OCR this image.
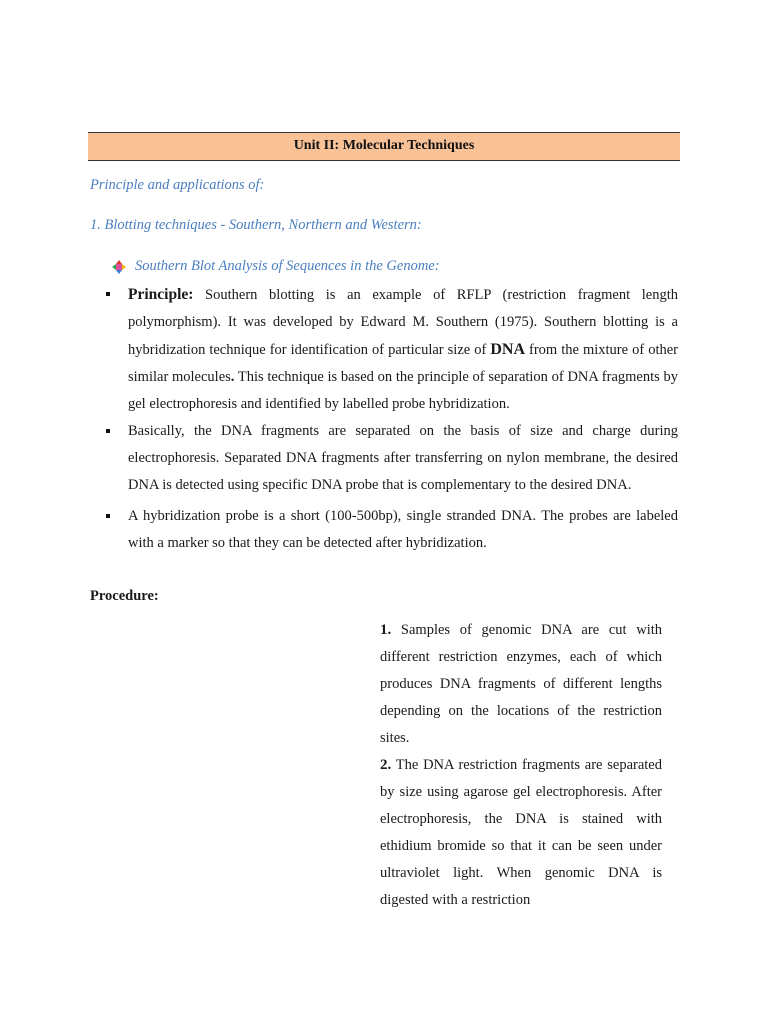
Unit II: Molecular Techniques
Principle and applications of:
1. Blotting techniques - Southern, Northern and Western:
Southern Blot Analysis of Sequences in the Genome:
Principle: Southern blotting is an example of RFLP (restriction fragment length polymorphism). It was developed by Edward M. Southern (1975). Southern blotting is a hybridization technique for identification of particular size of DNA from the mixture of other similar molecules. This technique is based on the principle of separation of DNA fragments by gel electrophoresis and identified by labelled probe hybridization.
Basically, the DNA fragments are separated on the basis of size and charge during electrophoresis. Separated DNA fragments after transferring on nylon membrane, the desired DNA is detected using specific DNA probe that is complementary to the desired DNA.
A hybridization probe is a short (100-500bp), single stranded DNA. The probes are labeled with a marker so that they can be detected after hybridization.
Procedure:

1. Samples of genomic DNA are cut with different restriction enzymes, each of which produces DNA fragments of different lengths depending on the locations of the restriction sites.

2. The DNA restriction fragments are separated by size using agarose gel electrophoresis. After electrophoresis, the DNA is stained with ethidium bromide so that it can be seen under ultraviolet light. When genomic DNA is digested with a restriction
